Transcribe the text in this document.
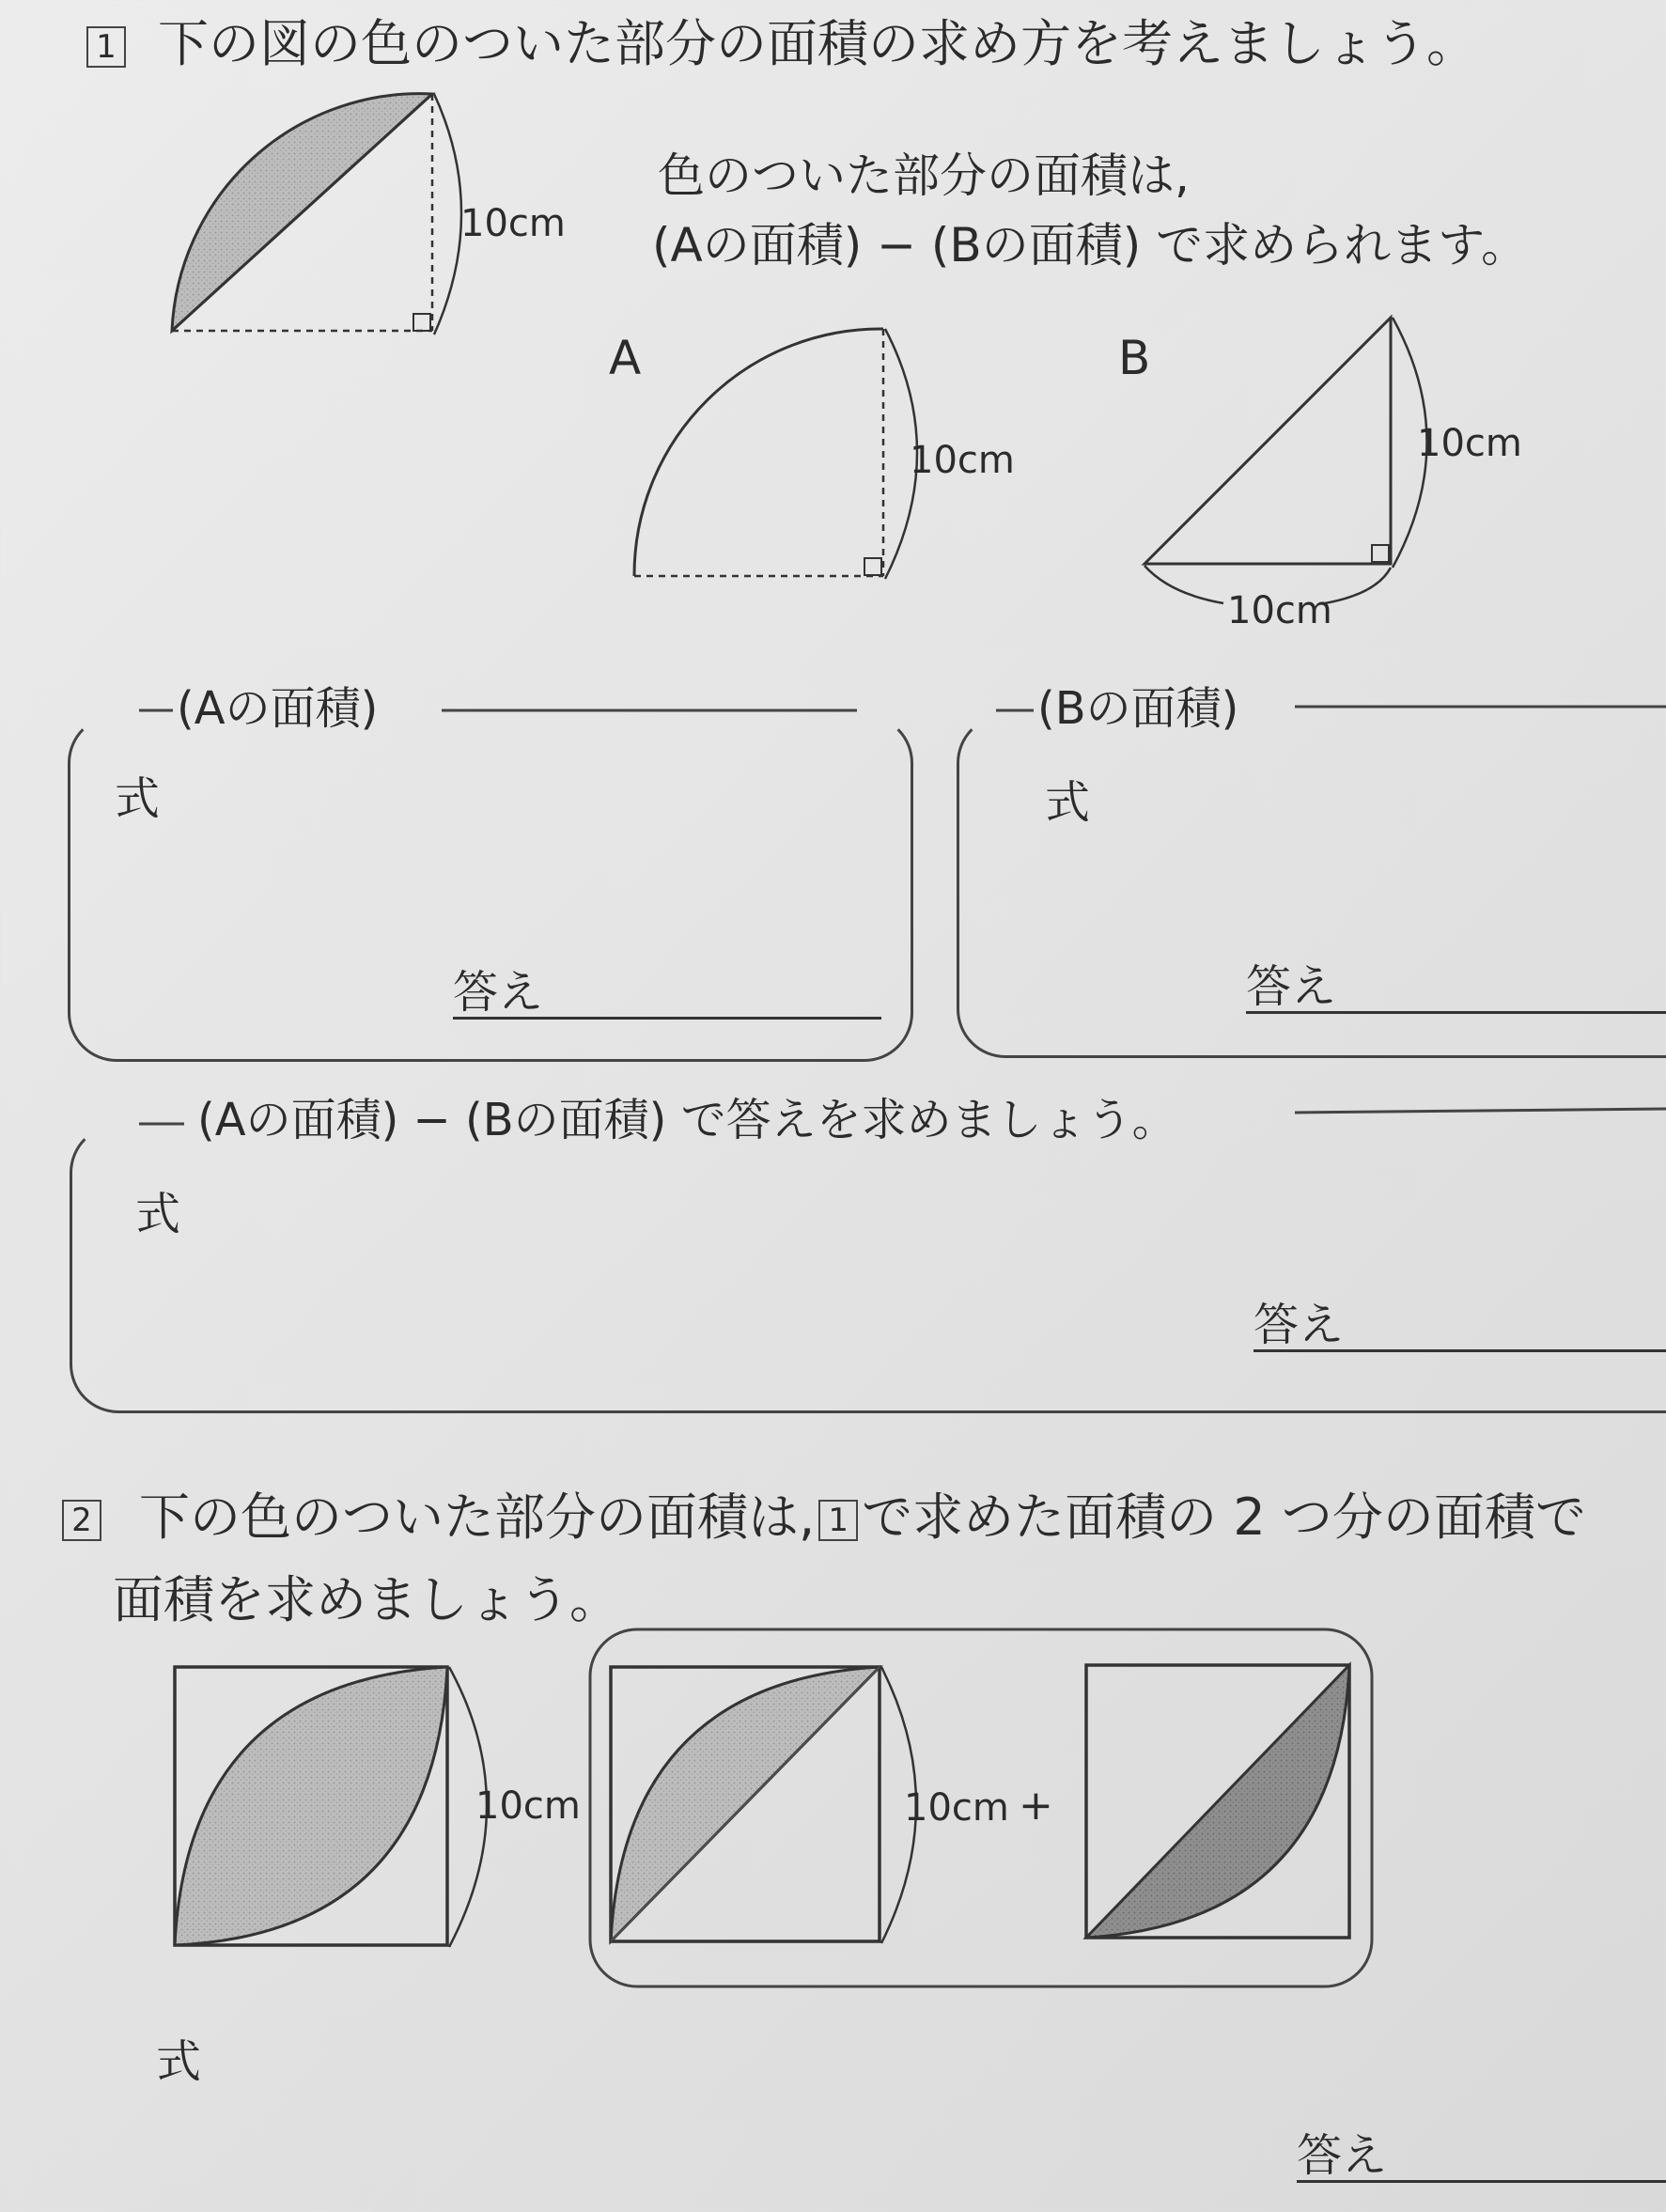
1 下の図の色のついた部分の面積の求め方を考えましょう。
10cm
色のついた部分の面積は,
(Aの面積) − (Bの面積) で求められます。
A
10cm
B
10cm
10cm
(Aの面積)
式
答え
(Bの面積)
式
答え
(Aの面積) − (Bの面積) で答えを求めましょう。
式
答え
2 下の色のついた部分の面積は, 1 で求めた面積の 2 つ分の面積で
面積を求めましょう。
10cm	10cm +
式
答え
